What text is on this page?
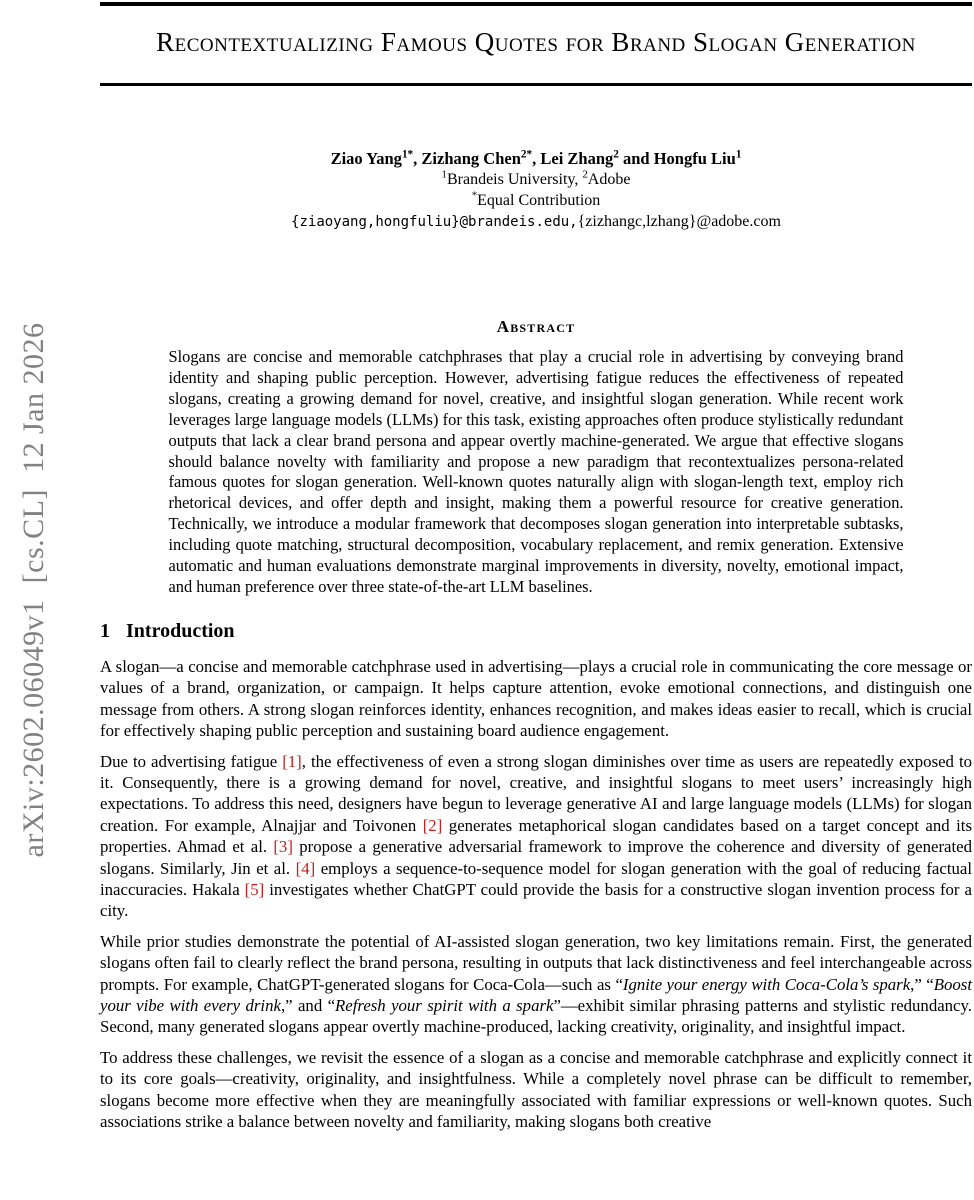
arXiv:2602.06049v1  [cs.CL]  12 Jan 2026
Recontextualizing Famous Quotes for Brand Slogan Generation
Ziao Yang$^{1*}$, Zizhang Chen$^{2*}$, Lei Zhang$^2$ and Hongfu Liu$^1$
$^1$Brandeis University, $^2$Adobe
*Equal Contribution
{ziaoyang,hongfuliu}@brandeis.edu,{zizhangc,lzhang}@adobe.com
Abstract
Slogans are concise and memorable catchphrases that play a crucial role in advertising by conveying brand identity and shaping public perception. However, advertising fatigue reduces the effectiveness of repeated slogans, creating a growing demand for novel, creative, and insightful slogan generation. While recent work leverages large language models (LLMs) for this task, existing approaches often produce stylistically redundant outputs that lack a clear brand persona and appear overtly machine-generated. We argue that effective slogans should balance novelty with familiarity and propose a new paradigm that recontextualizes persona-related famous quotes for slogan generation. Well-known quotes naturally align with slogan-length text, employ rich rhetorical devices, and offer depth and insight, making them a powerful resource for creative generation. Technically, we introduce a modular framework that decomposes slogan generation into interpretable subtasks, including quote matching, structural decomposition, vocabulary replacement, and remix generation. Extensive automatic and human evaluations demonstrate marginal improvements in diversity, novelty, emotional impact, and human preference over three state-of-the-art LLM baselines.
1 Introduction

A slogan—a concise and memorable catchphrase used in advertising—plays a crucial role in communicating the core message or values of a brand, organization, or campaign. It helps capture attention, evoke emotional connections, and distinguish one message from others. A strong slogan reinforces identity, enhances recognition, and makes ideas easier to recall, which is crucial for effectively shaping public perception and sustaining board audience engagement.

Due to advertising fatigue [1], the effectiveness of even a strong slogan diminishes over time as users are repeatedly exposed to it. Consequently, there is a growing demand for novel, creative, and insightful slogans to meet users’ increasingly high expectations. To address this need, designers have begun to leverage generative AI and large language models (LLMs) for slogan creation. For example, Alnajjar and Toivonen [2] generates metaphorical slogan candidates based on a target concept and its properties. Ahmad et al. [3] propose a generative adversarial framework to improve the coherence and diversity of generated slogans. Similarly, Jin et al. [4] employs a sequence-to-sequence model for slogan generation with the goal of reducing factual inaccuracies. Hakala [5] investigates whether ChatGPT could provide the basis for a constructive slogan invention process for a city.

While prior studies demonstrate the potential of AI-assisted slogan generation, two key limitations remain. First, the generated slogans often fail to clearly reflect the brand persona, resulting in outputs that lack distinctiveness and feel interchangeable across prompts. For example, ChatGPT-generated slogans for Coca-Cola—such as “Ignite your energy with Coca-Cola’s spark,” “Boost your vibe with every drink,” and “Refresh your spirit with a spark”—exhibit similar phrasing patterns and stylistic redundancy. Second, many generated slogans appear overtly machine-produced, lacking creativity, originality, and insightful impact.

To address these challenges, we revisit the essence of a slogan as a concise and memorable catchphrase and explicitly connect it to its core goals—creativity, originality, and insightfulness. While a completely novel phrase can be difficult to remember, slogans become more effective when they are meaningfully associated with familiar expressions or well-known quotes. Such associations strike a balance between novelty and familiarity, making slogans both creative
